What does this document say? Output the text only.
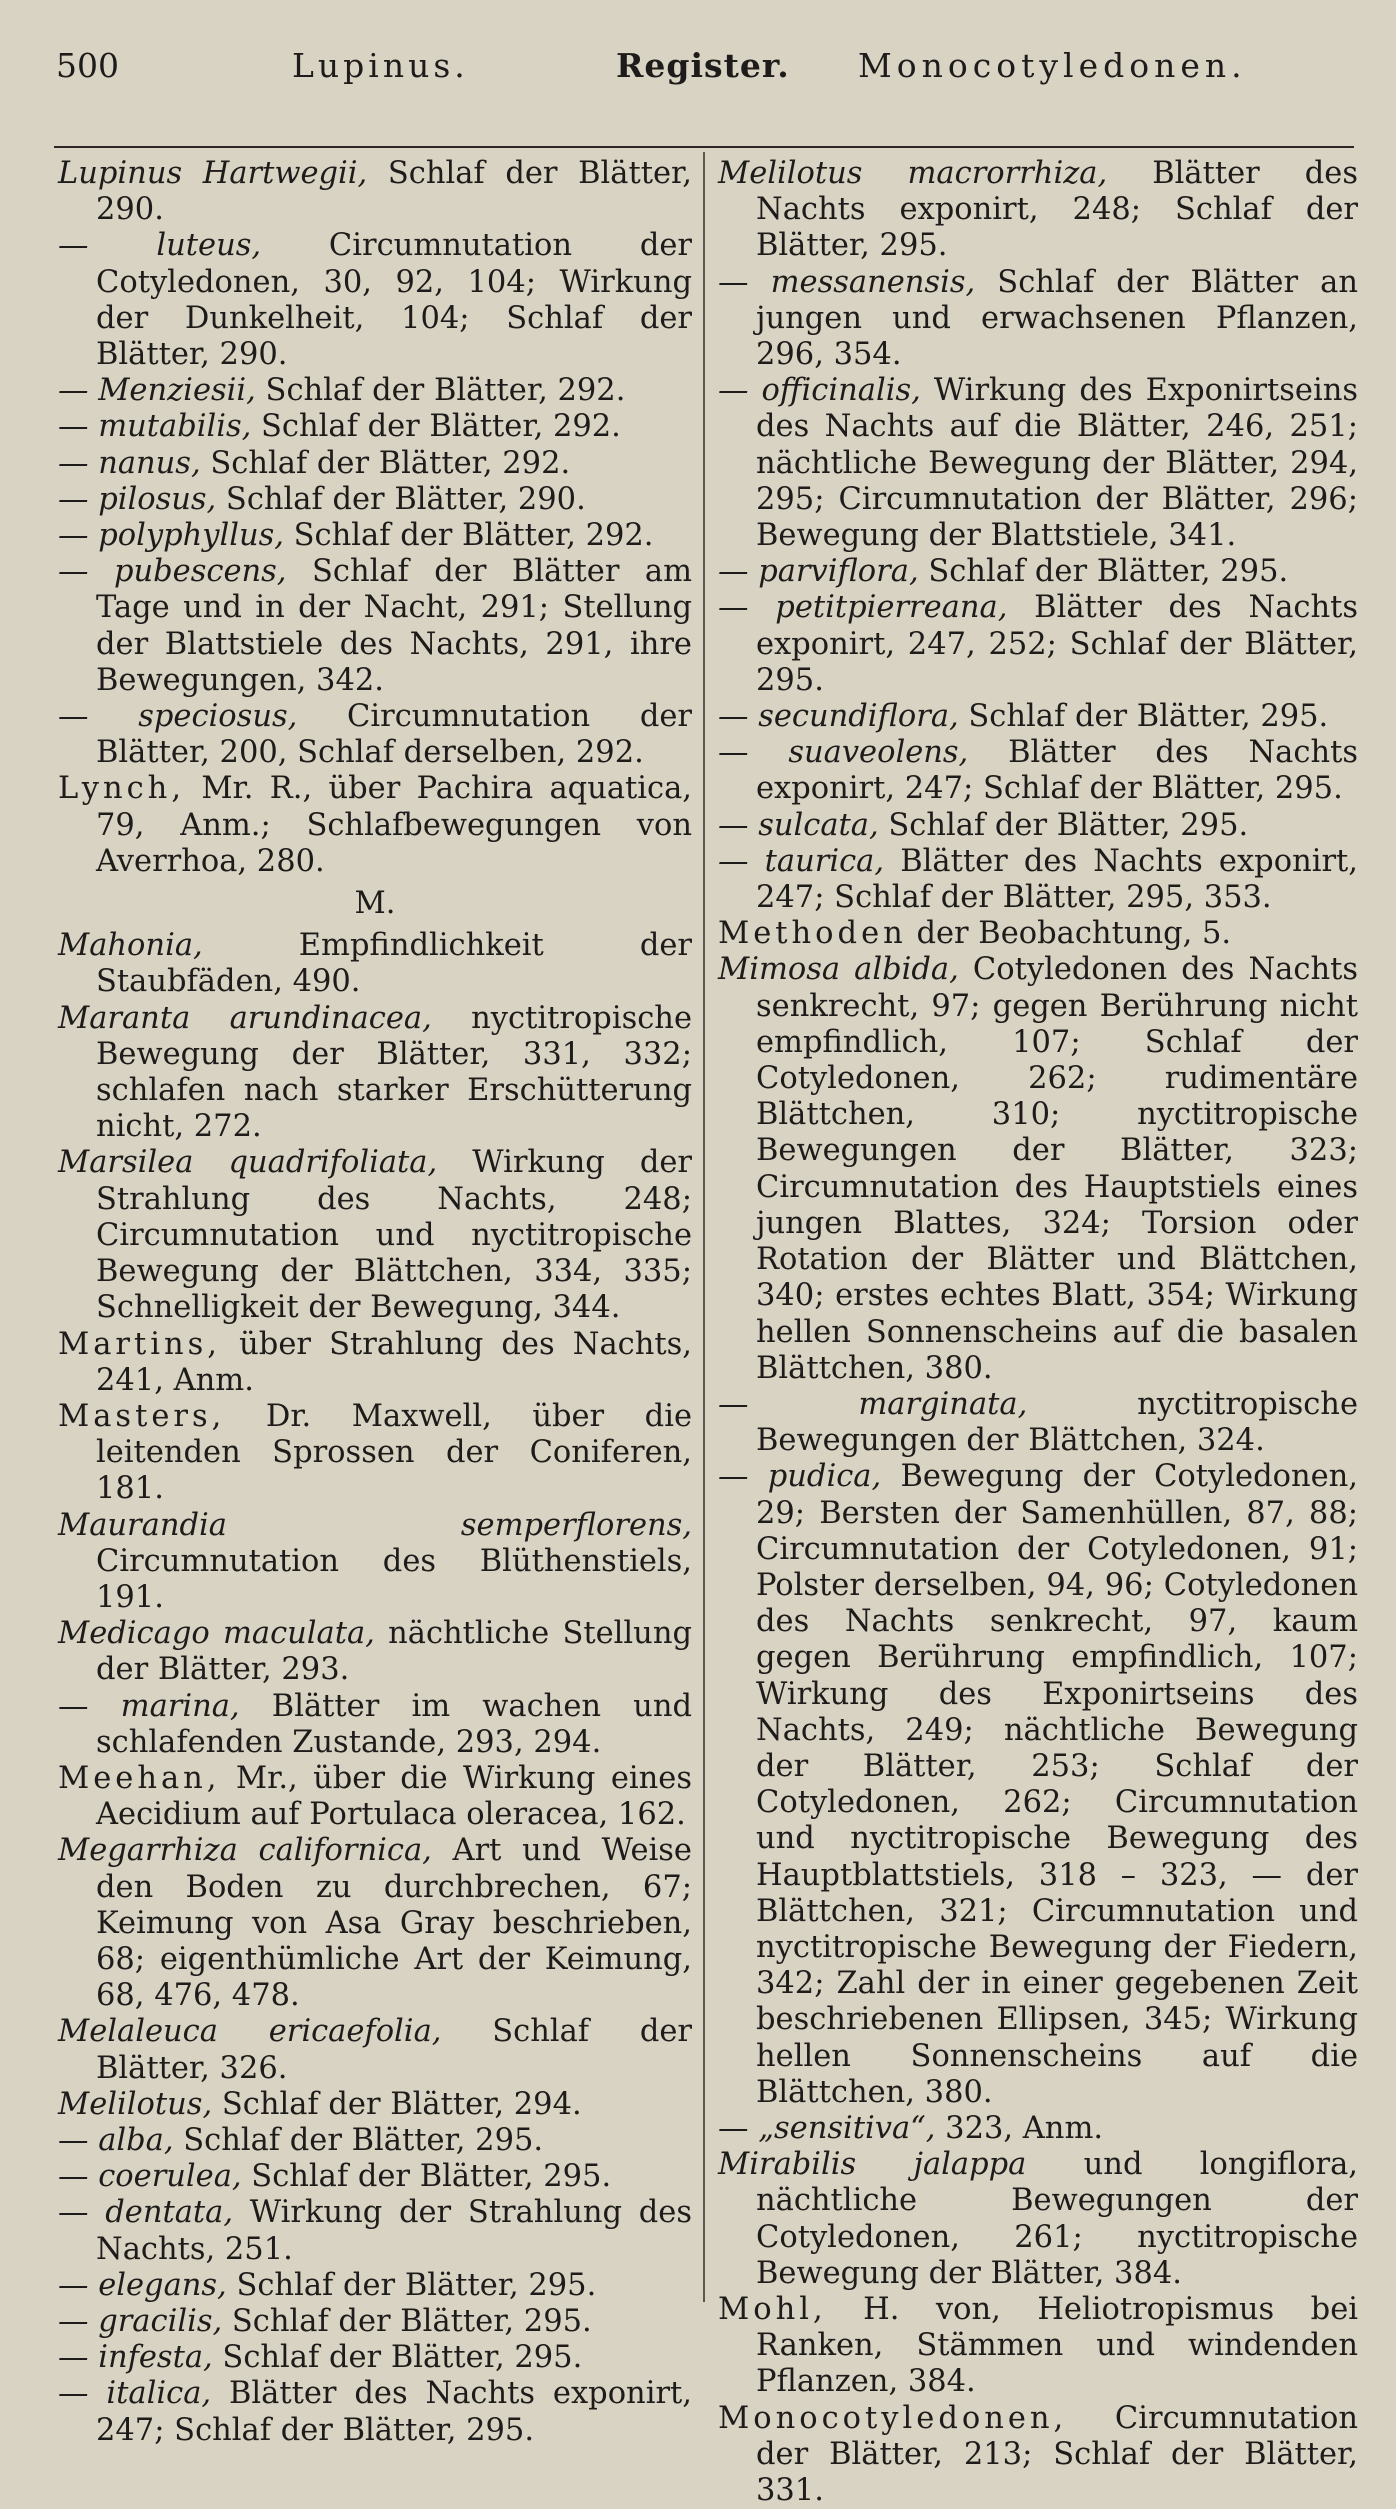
500	Lupinus.	Register. Monocotyledonen.
Lupinus Hartwegii, Schlaf der Blätter, 290.
— luteus, Circumnutation der Cotyledonen, 30, 92, 104; Wirkung der Dunkelheit, 104; Schlaf der Blätter, 290.
— Menziesii, Schlaf der Blätter, 292.
— mutabilis, Schlaf der Blätter, 292.
— nanus, Schlaf der Blätter, 292.
— pilosus, Schlaf der Blätter, 290.
— polyphyllus, Schlaf der Blätter, 292.
— pubescens, Schlaf der Blätter am Tage und in der Nacht, 291; Stellung der Blattstiele des Nachts, 291, ihre Bewegungen, 342.
— speciosus, Circumnutation der Blätter, 200, Schlaf derselben, 292.
Lynch, Mr. R., über Pachira aquatica, 79, Anm.; Schlafbewegungen von Averrhoa, 280.
M.
Mahonia, Empfindlichkeit der Staubfäden, 490.
Maranta arundinacea, nyctitropische Bewegung der Blätter, 331, 332; schlafen nach starker Erschütterung nicht, 272.
Marsilea quadrifoliata, Wirkung der Strahlung des Nachts, 248; Circumnutation und nyctitropische Bewegung der Blättchen, 334, 335; Schnelligkeit der Bewegung, 344.
Martins, über Strahlung des Nachts, 241, Anm.
Masters, Dr. Maxwell, über die leitenden Sprossen der Coniferen, 181.
Maurandia semperflorens, Circumnutation des Blüthenstiels, 191.
Medicago maculata, nächtliche Stellung der Blätter, 293.
— marina, Blätter im wachen und schlafenden Zustande, 293, 294.
Meehan, Mr., über die Wirkung eines Aecidium auf Portulaca oleracea, 162.
Megarrhiza californica, Art und Weise den Boden zu durchbrechen, 67; Keimung von Asa Gray beschrieben, 68; eigenthümliche Art der Keimung, 68, 476, 478.
Melaleuca ericaefolia, Schlaf der Blätter, 326.
Melilotus, Schlaf der Blätter, 294.
— alba, Schlaf der Blätter, 295.
— coerulea, Schlaf der Blätter, 295.
— dentata, Wirkung der Strahlung des Nachts, 251.
— elegans, Schlaf der Blätter, 295.
— gracilis, Schlaf der Blätter, 295.
— infesta, Schlaf der Blätter, 295.
— italica, Blätter des Nachts exponirt, 247; Schlaf der Blätter, 295.
Melilotus macrorrhiza, Blätter des Nachts exponirt, 248; Schlaf der Blätter, 295.
— messanensis, Schlaf der Blätter an jungen und erwachsenen Pflanzen, 296, 354.
— officinalis, Wirkung des Exponirtseins des Nachts auf die Blätter, 246, 251; nächtliche Bewegung der Blätter, 294, 295; Circumnutation der Blätter, 296; Bewegung der Blattstiele, 341.
— parviflora, Schlaf der Blätter, 295.
— petitpierreana, Blätter des Nachts exponirt, 247, 252; Schlaf der Blätter, 295.
— secundiflora, Schlaf der Blätter, 295.
— suaveolens, Blätter des Nachts exponirt, 247; Schlaf der Blätter, 295.
— sulcata, Schlaf der Blätter, 295.
— taurica, Blätter des Nachts exponirt, 247; Schlaf der Blätter, 295, 353.
Methoden der Beobachtung, 5.
Mimosa albida, Cotyledonen des Nachts senkrecht, 97; gegen Berührung nicht empfindlich, 107; Schlaf der Cotyledonen, 262; rudimentäre Blättchen, 310; nyctitropische Bewegungen der Blätter, 323; Circumnutation des Hauptstiels eines jungen Blattes, 324; Torsion oder Rotation der Blätter und Blättchen, 340; erstes echtes Blatt, 354; Wirkung hellen Sonnenscheins auf die basalen Blättchen, 380.
— marginata, nyctitropische Bewegungen der Blättchen, 324.
— pudica, Bewegung der Cotyledonen, 29; Bersten der Samenhüllen, 87, 88; Circumnutation der Cotyledonen, 91; Polster derselben, 94, 96; Cotyledonen des Nachts senkrecht, 97, kaum gegen Berührung empfindlich, 107; Wirkung des Exponirtseins des Nachts, 249; nächtliche Bewegung der Blätter, 253; Schlaf der Cotyledonen, 262; Circumnutation und nyctitropische Bewegung des Hauptblattstiels, 318 – 323, — der Blättchen, 321; Circumnutation und nyctitropische Bewegung der Fiedern, 342; Zahl der in einer gegebenen Zeit beschriebenen Ellipsen, 345; Wirkung hellen Sonnenscheins auf die Blättchen, 380.
— „sensitiva“, 323, Anm.
Mirabilis jalappa und longiflora, nächtliche Bewegungen der Cotyledonen, 261; nyctitropische Bewegung der Blätter, 384.
Mohl, H. von, Heliotropismus bei Ranken, Stämmen und windenden Pflanzen, 384.
Monocotyledonen, Circumnutation der Blätter, 213; Schlaf der Blätter, 331.
